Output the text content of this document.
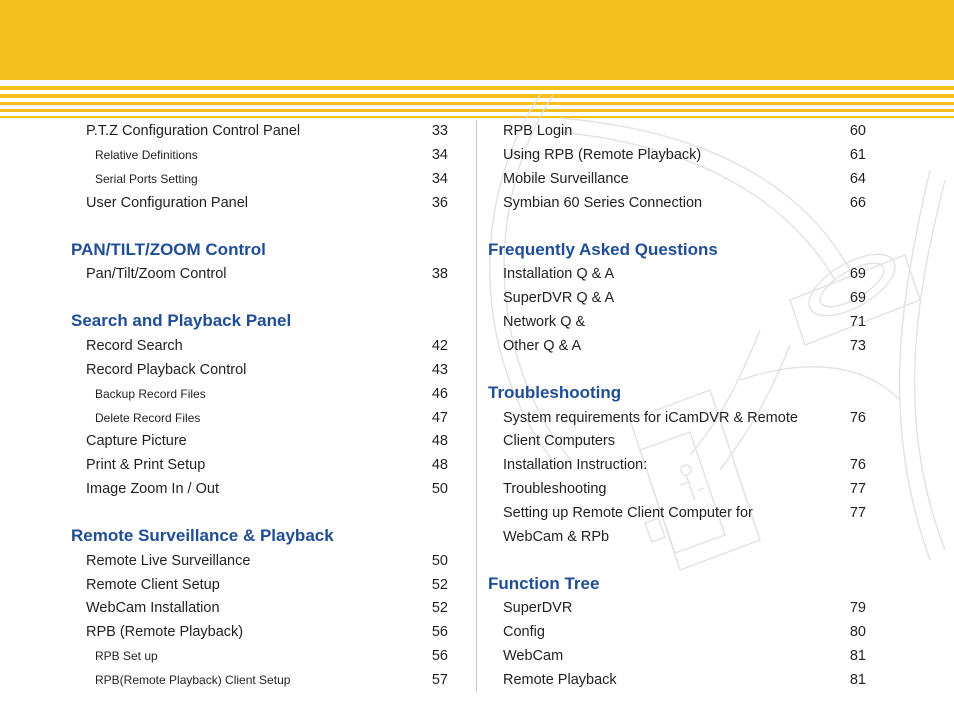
P.T.Z Configuration Control Panel	33
Relative Definitions	34
Serial Ports Setting	34
User Configuration Panel	36
PAN/TILT/ZOOM Control
Pan/Tilt/Zoom Control	38
Search and Playback Panel
Record Search	42
Record Playback Control	43
Backup Record Files	46
Delete Record Files	47
Capture Picture	48
Print & Print Setup	48
Image Zoom In / Out	50
Remote Surveillance & Playback
Remote Live Surveillance	50
Remote Client Setup	52
WebCam Installation	52
RPB (Remote Playback)	56
RPB Set up	56
RPB(Remote Playback) Client Setup	57
RPB Login	60
Using RPB (Remote Playback)	61
Mobile Surveillance	64
Symbian 60 Series Connection	66
Frequently Asked Questions
Installation Q & A	69
SuperDVR Q & A	69
Network Q &	71
Other Q & A	73
Troubleshooting
System requirements for iCamDVR & Remote	76
Client Computers
Installation Instruction:	76
Troubleshooting	77
Setting up Remote Client Computer for	77
WebCam & RPb
Function Tree
SuperDVR	79
Config	80
WebCam	81
Remote Playback	81
